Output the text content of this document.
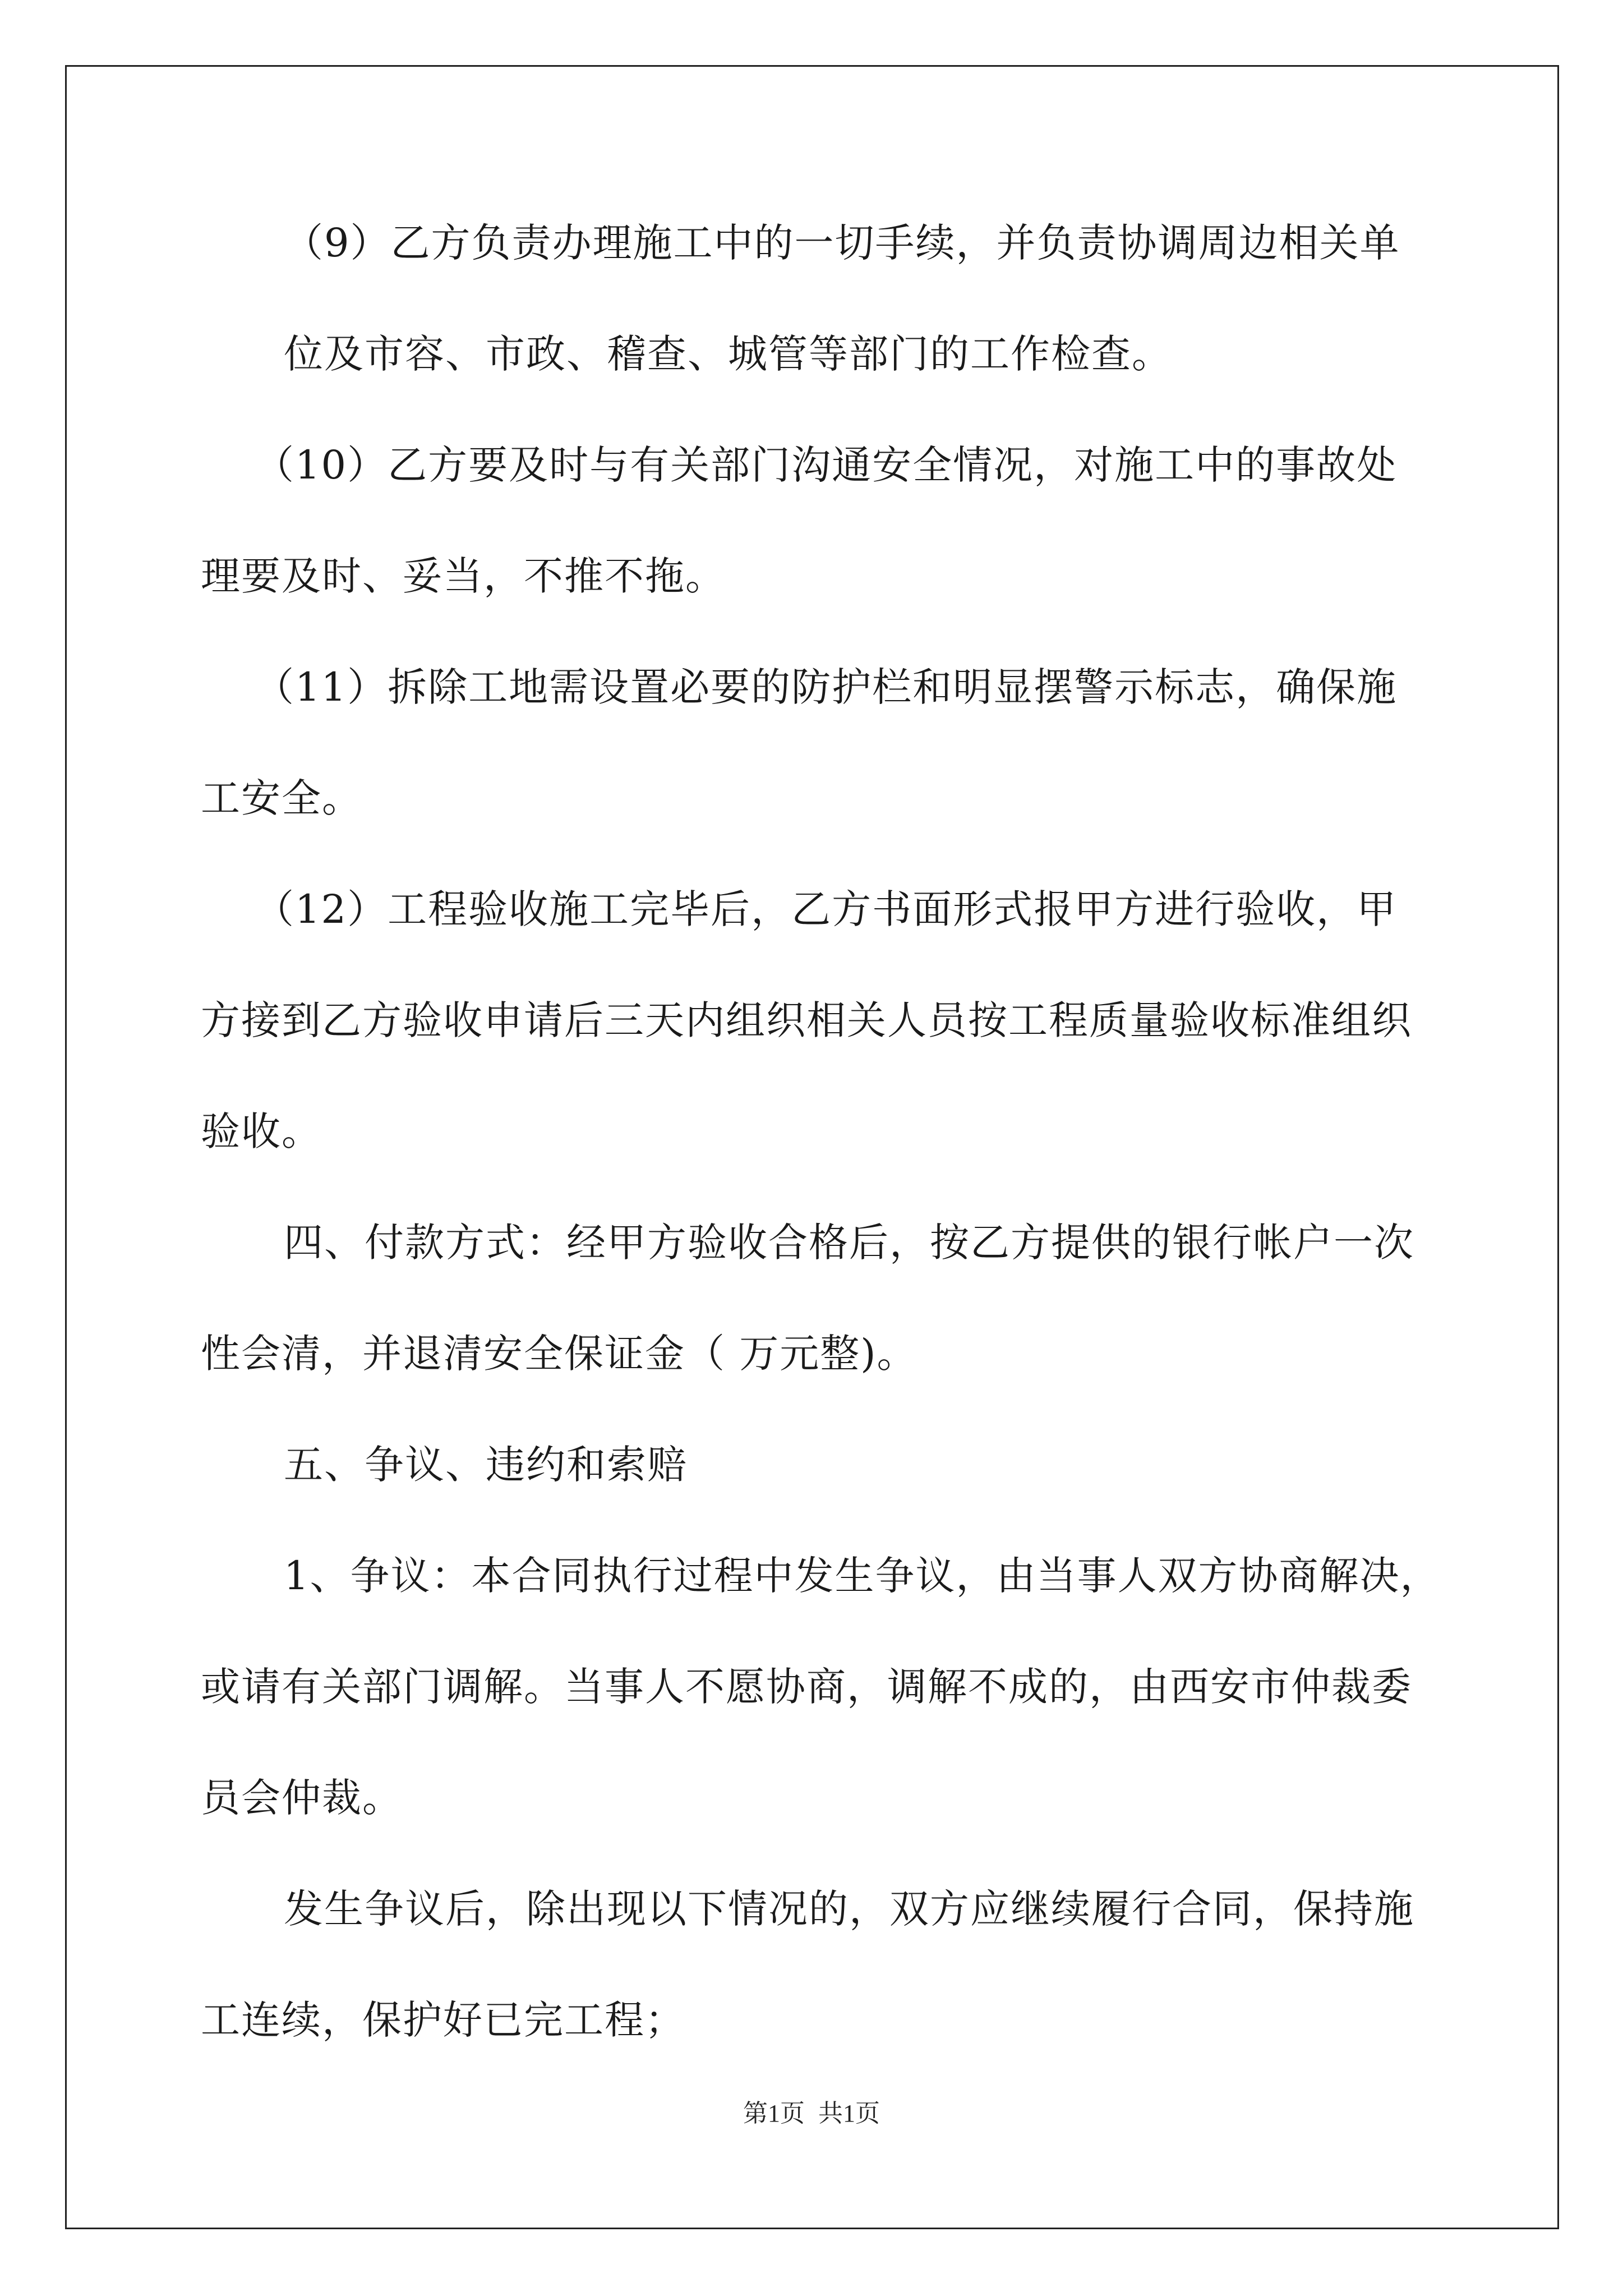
（9）乙方负责办理施工中的一切手续，并负责协调周边相关单
位及市容、市政、稽查、城管等部门的工作检查。
（10）乙方要及时与有关部门沟通安全情况，对施工中的事故处
理要及时、妥当，不推不拖。
（11）拆除工地需设置必要的防护栏和明显摆警示标志，确保施
工安全。
（12）工程验收施工完毕后，乙方书面形式报甲方进行验收，甲
方接到乙方验收申请后三天内组织相关人员按工程质量验收标准组织
验收。
四、付款方式：经甲方验收合格后，按乙方提供的银行帐户一次
性会清，并退清安全保证金（ 万元整)。
五、争议、违约和索赔
1、争议：本合同执行过程中发生争议，由当事人双方协商解决，
或请有关部门调解。当事人不愿协商，调解不成的，由西安市仲裁委
员会仲裁。
发生争议后，除出现以下情况的，双方应继续履行合同，保持施
工连续，保护好已完工程；
第1页 共1页
